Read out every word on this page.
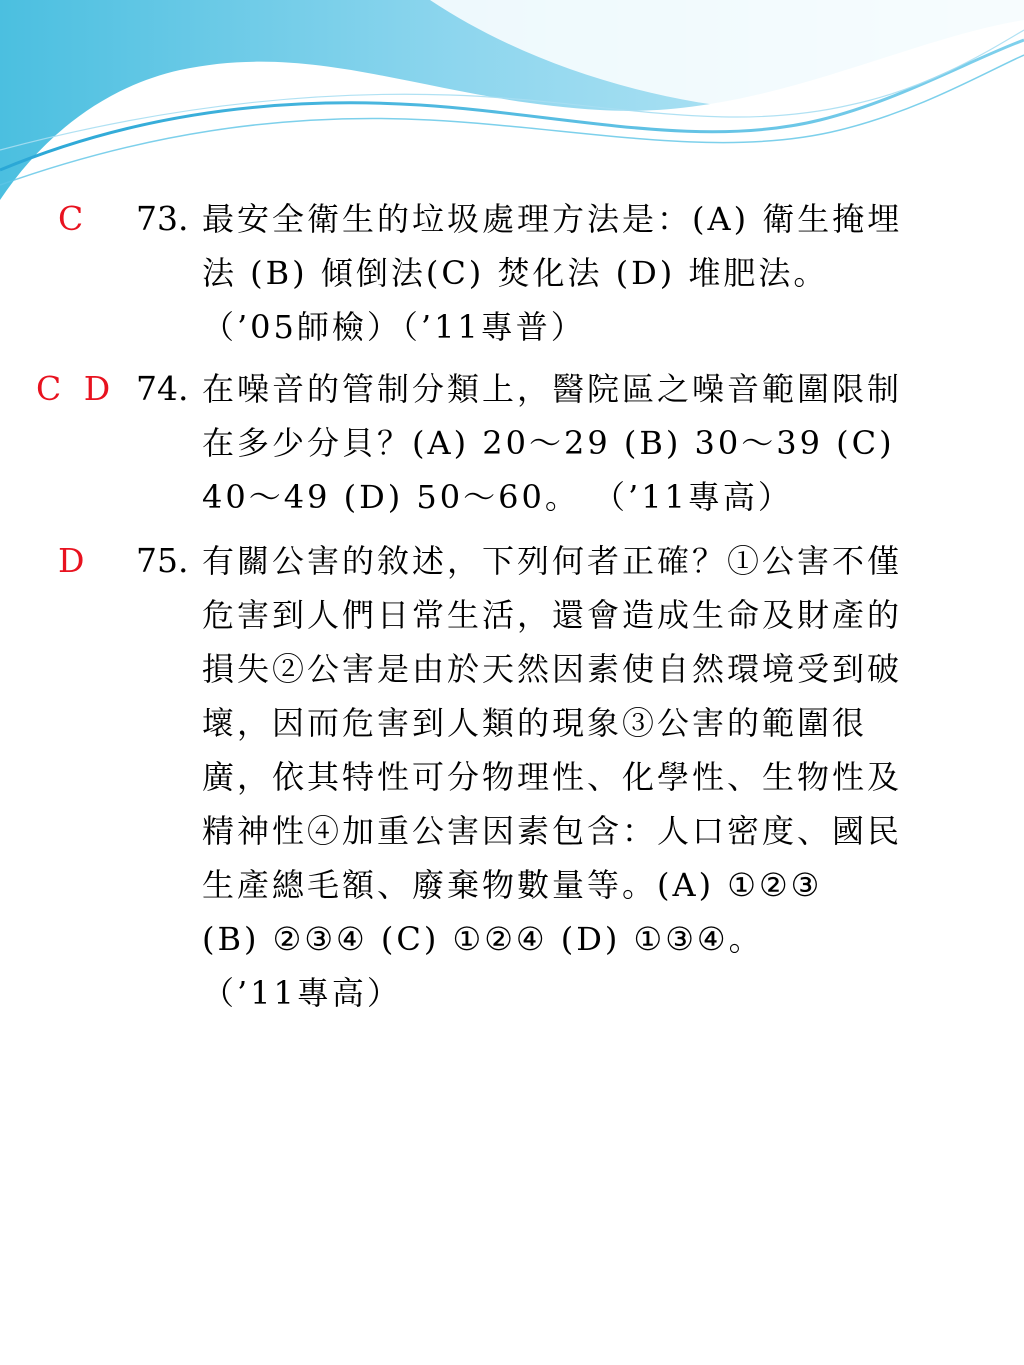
C	73. 最安全衛生的垃圾處理方法是：(A) 衛生掩埋
法 (B) 傾倒法(C) 焚化法 (D) 堆肥法。
（’05師檢）（’11專普）
C D 74. 在噪音的管制分類上，醫院區之噪音範圍限制
在多少分貝？(A) 20～29 (B) 30～39 (C)
40～49 (D) 50～60。 （’11專高）
D	75. 有關公害的敘述，下列何者正確？①公害不僅
危害到人們日常生活，還會造成生命及財產的
損失②公害是由於天然因素使自然環境受到破
壞，因而危害到人類的現象③公害的範圍很
廣，依其特性可分物理性、化學性、生物性及
精神性④加重公害因素包含：人口密度、國民
生產總毛額、廢棄物數量等。(A) ①②③
(B) ②③④ (C) ①②④ (D) ①③④。
（’11專高）
